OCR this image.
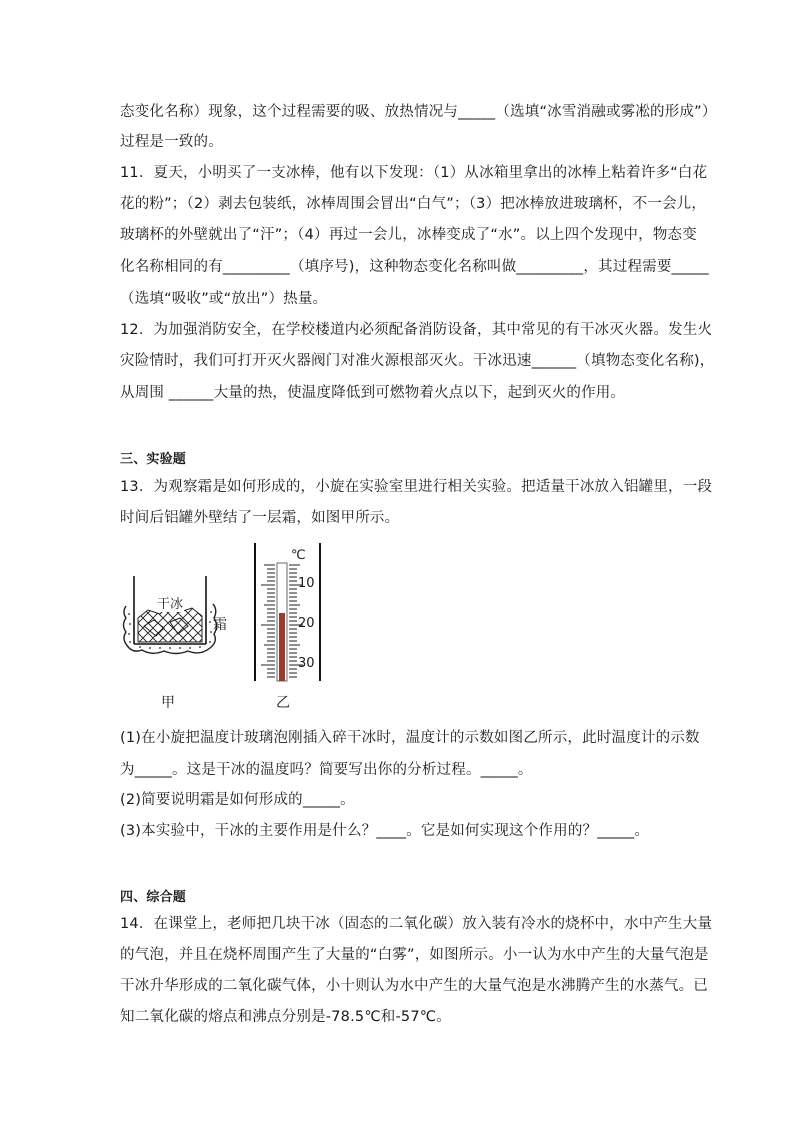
态变化名称）现象，这个过程需要的吸、放热情况与_____（选填“冰雪消融或雾凇的形成”）
过程是一致的。
11．夏天，小明买了一支冰棒，他有以下发现：（1）从冰箱里拿出的冰棒上粘着许多“白花
花的粉”；（2）剥去包装纸，冰棒周围会冒出“白气”；（3）把冰棒放进玻璃杯，不一会儿，
玻璃杯的外壁就出了“汗”；（4）再过一会儿，冰棒变成了“水”。以上四个发现中，物态变
化名称相同的有_________（填序号)，这种物态变化名称叫做_________，其过程需要_____
（选填“吸收”或“放出”）热量。
12．为加强消防安全，在学校楼道内必须配备消防设备，其中常见的有干冰灭火器。发生火
灾险情时，我们可打开灭火器阀门对准火源根部灭火。干冰迅速______（填物态变化名称)，
从周围 ______大量的热，使温度降低到可燃物着火点以下，起到灭火的作用。
三、实验题
13．为观察霜是如何形成的，小旋在实验室里进行相关实验。把适量干冰放入铝罐里，一段
时间后铝罐外壁结了一层霜，如图甲所示。
干冰
霜
甲
℃
10
20
30
乙
(1)在小旋把温度计玻璃泡刚插入碎干冰时，温度计的示数如图乙所示，此时温度计的示数
为_____。这是干冰的温度吗？简要写出你的分析过程。_____。
(2)简要说明霜是如何形成的_____。
(3)本实验中，干冰的主要作用是什么？____。它是如何实现这个作用的？_____。
四、综合题
14．在课堂上，老师把几块干冰（固态的二氧化碳）放入装有冷水的烧杯中，水中产生大量
的气泡，并且在烧杯周围产生了大量的“白雾”，如图所示。小一认为水中产生的大量气泡是
干冰升华形成的二氧化碳气体，小十则认为水中产生的大量气泡是水沸腾产生的水蒸气。已
知二氧化碳的熔点和沸点分别是-78.5℃和-57℃。
